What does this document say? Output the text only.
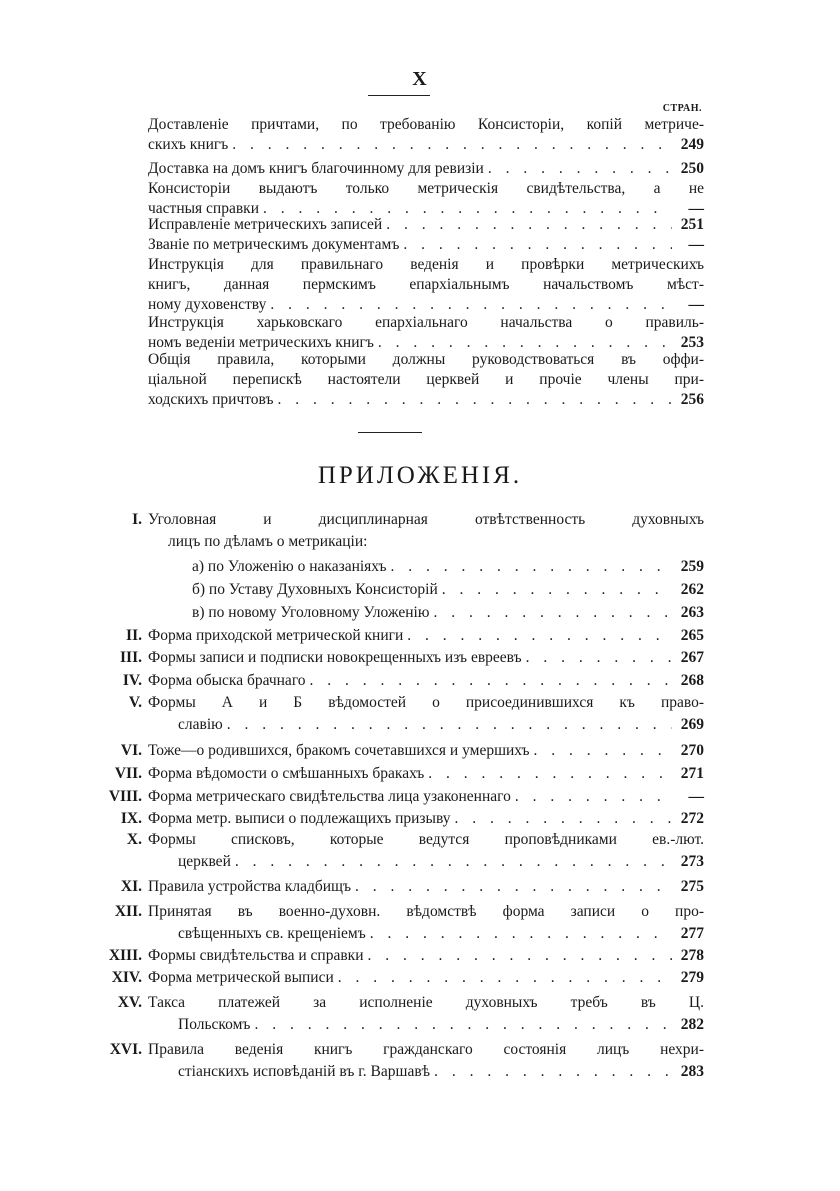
X
СТРАН.
Доставленіе причтами, по требованію Консисторіи, копій метриче-
скихъ книгъ . . .	249
Доставка на домъ книгъ благочинному для ревизіи . . .	250
Консисторіи выдаютъ только метрическія свидѣтельства, а не
частныя справки . . .	—
Исправленіе метрическихъ записей . . .	251
Званіе по метрическимъ документамъ . . .	—
Инструкція для правильнаго веденія и провѣрки метрическихъ
книгъ, данная пермскимъ епархіальнымъ начальствомъ мѣст-
ному духовенству . . .	—
Инструкція харьковскаго епархіальнаго начальства о правиль-
номъ веденіи метрическихъ книгъ . . .	253
Общія правила, которыми должны руководствоваться въ оффи-
ціальной перепискѣ настоятели церквей и прочіе члены при-
ходскихъ причтовъ . . .	256
ПРИЛОЖЕНІЯ.
I. Уголовная и дисциплинарная отвѣтственность духовныхъ
лицъ по дѣламъ о метрикаціи:
а) по Уложенію о наказаніяхъ . . .	259
б) по Уставу Духовныхъ Консисторій . . .	262
в) по новому Уголовному Уложенію . . .	263
II. Форма приходской метрической книги . . .	265
III. Формы записи и подписки новокрещенныхъ изъ евреевъ . . .	267
IV. Форма обыска брачнаго . . .	268
V. Формы А и Б вѣдомостей о присоединившихся къ право-
славію . . .	269
VI. Тоже—о родившихся, бракомъ сочетавшихся и умершихъ . . .	270
VII. Форма вѣдомости о смѣшанныхъ бракахъ . . .	271
VIII. Форма метрическаго свидѣтельства лица узаконеннаго . . .	—
IX. Форма метр. выписи о подлежащихъ призыву . . .	272
X. Формы списковъ, которые ведутся проповѣдниками ев.-лют.
церквей . . .	273
XI. Правила устройства кладбищъ . . .	275
XII. Принятая въ военно-духовн. вѣдомствѣ форма записи о про-
свѣщенныхъ св. крещеніемъ . . .	277
XIII. Формы свидѣтельства и справки . . .	278
XIV. Форма метрической выписи . . .	279
XV. Такса платежей за исполненіе духовныхъ требъ въ Ц.
Польскомъ . . .	282
XVI. Правила веденія книгъ гражданскаго состоянія лицъ нехри-
стіанскихъ исповѣданій въ г. Варшавѣ . . .	283
